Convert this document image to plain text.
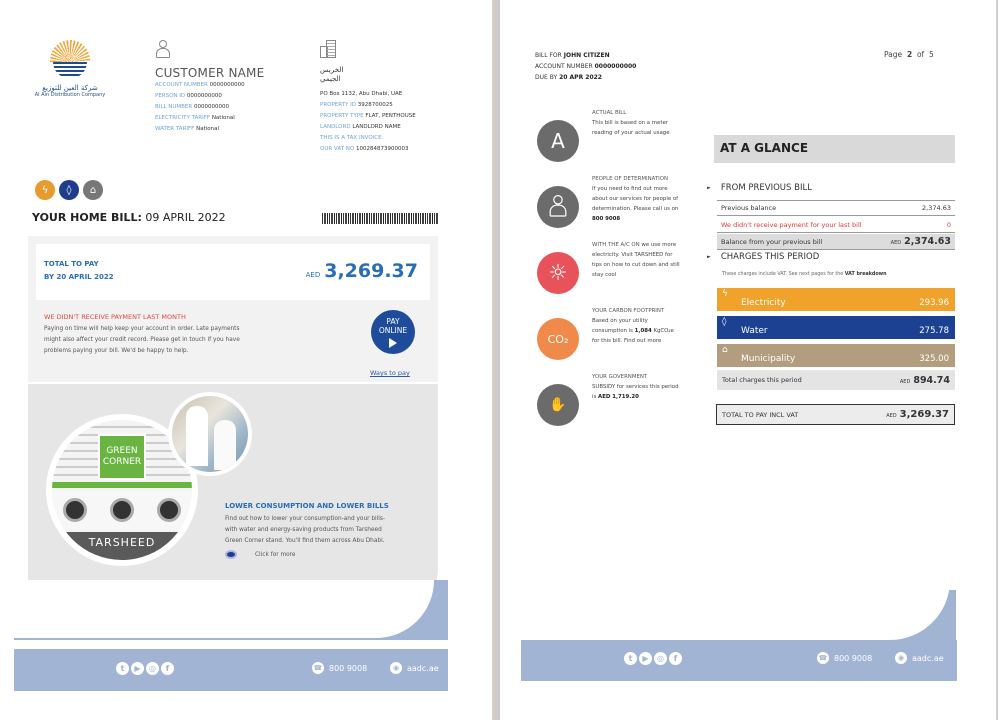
شركة العين للتوزيع
Al Ain Distribution Company
CUSTOMER NAME
ACCOUNT NUMBER 0000000000
PERSON ID 0000000000
BILL NUMBER 0000000000
ELECTRICITY TARIFF National
WATER TARIFF National
الخريس
الجيمي
PO Box 1132, Abu Dhabi, UAE
PROPERTY ID 3928700025
PROPERTY TYPE FLAT, PENTHOUSE
LANDLORD LANDLORD NAME
THIS IS A TAX INVOICE.
OUR VAT NO 100284873900003
ϟ	◊	⌂
YOUR HOME BILL: 09 APRIL 2022
TOTAL TO PAY
BY 20 APRIL 2022	AED 3,269.37
WE DIDN'T RECEIVE PAYMENT LAST MONTH
Paying on time will help keep your account in order. Late payments might also affect your credit record. Please get in touch if you have problems paying your bill. We'd be happy to help.
PAY
ONLINE
Ways to pay
GREEN CORNER
TARSHEED
LOWER CONSUMPTION AND LOWER BILLS
Find out how to lower your consumption-and your bills-with water and energy-saving products from Tarsheed Green Corner stand. You'll find them across Abu Dhabi.
Click for more
t	▶	◎	f	☎ 800 9008	◉ aadc.ae
BILL FOR JOHN CITIZEN
ACCOUNT NUMBER 0000000000
DUE BY 20 APR 2022
Page 2 of 5
A
ACTUAL BILL
This bill is based on a meter reading of your actual usage
PEOPLE OF DETERMINATION
If you need to find out more about our services for people of determination. Please call us on 800 9008
☼
WITH THE A/C ON we use more electricity. Visit TARSHEED for tips on how to cut down and still stay cool
CO₂
YOUR CARBON FOOTPRINT
Based on your utility consumption is 1,084 KgCO₂e for this bill. Find out more
✋
YOUR GOVERNMENT
SUBSIDY for services this period is AED 1,719.20
AT A GLANCE
► FROM PREVIOUS BILL
Previous balance	2,374.63
We didn't receive payment for your last bill	0
Balance from your previous bill	AED 2,374.63
► CHARGES THIS PERIOD
These charges include VAT. See next pages for the VAT breakdown
ϟ
Electricity	293.96
◊
Water	275.78
⌂
Municipality	325.00
Total charges this period	AED 894.74
TOTAL TO PAY INCL VAT	AED 3,269.37
t	▶	◎	f	☎ 800 9008	◉ aadc.ae
